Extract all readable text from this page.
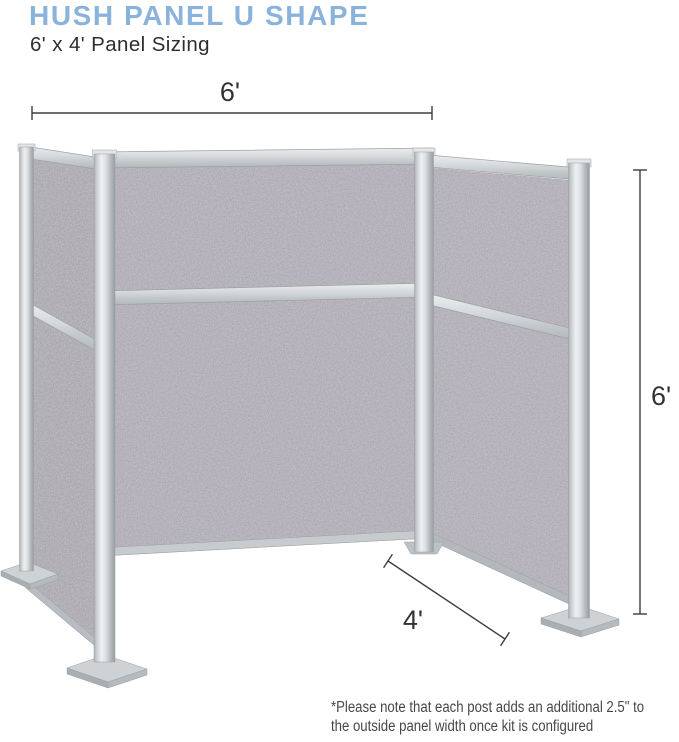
HUSH PANEL U SHAPE
6' x 4' Panel Sizing
6'
6'
4'
*Please note that each post adds an additional 2.5" to
the outside panel width once kit is configured
